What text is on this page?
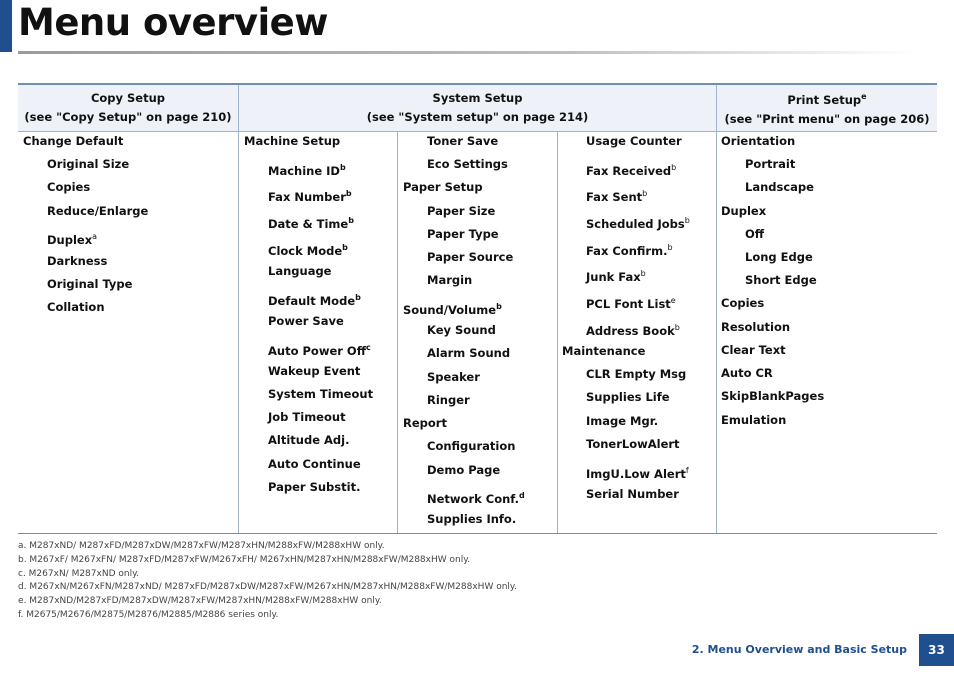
Menu overview
Copy Setup
(see "Copy Setup" on page 210)
System Setup
(see "System setup" on page 214)
Print Setup$^e$
(see "Print menu" on page 206)
Change Default
Original Size
Copies
Reduce/Enlarge
Duplex$^a$
Darkness
Original Type
Collation
Machine Setup
Machine $ID^b$
Fax Number$^b$
Date & Time$^b$
Clock Mode$^b$
Language
Default Mode$^b$
Power Save
Auto Power Off$^c$
Wakeup Event
System Timeout
Job Timeout
Altitude Adj.
Auto Continue
Paper Substit.
Toner Save
Eco Settings
Paper Setup
Paper Size
Paper Type
Paper Source
Margin
Sound/Volume$^b$
Key Sound
Alarm Sound
Speaker
Ringer
Report
Configuration
Demo Page
Network Conf.$^d$
Supplies Info.
Usage Counter
Fax Received$^b$
Fax Sent$^b$
Scheduled Jobs$^b$
Fax Confirm.$^b$
Junk Fax$^b$
PCL Font List$^e$
Address Book$^b$
Maintenance
CLR Empty Msg
Supplies Life
Image Mgr.
TonerLowAlert
ImgU.Low Alert$^f$
Serial Number
Orientation
Portrait
Landscape
Duplex
Off
Long Edge
Short Edge
Copies
Resolution
Clear Text
Auto CR
SkipBlankPages
Emulation
a. M287xND/ M287xFD/M287xDW/M287xFW/M287xHN/M288xFW/M288xHW only.
b. M267xF/ M267xFN/ M287xFD/M287xFW/M267xFH/ M267xHN/M287xHN/M288xFW/M288xHW only.
c. M267xN/ M287xND only.
d. M267xN/M267xFN/M287xND/ M287xFD/M287xDW/M287xFW/M267xHN/M287xHN/M288xFW/M288xHW only.
e. M287xND/M287xFD/M287xDW/M287xFW/M287xHN/M288xFW/M288xHW only.
f. M2675/M2676/M2875/M2876/M2885/M2886 series only.
2. Menu Overview and Basic Setup	33
